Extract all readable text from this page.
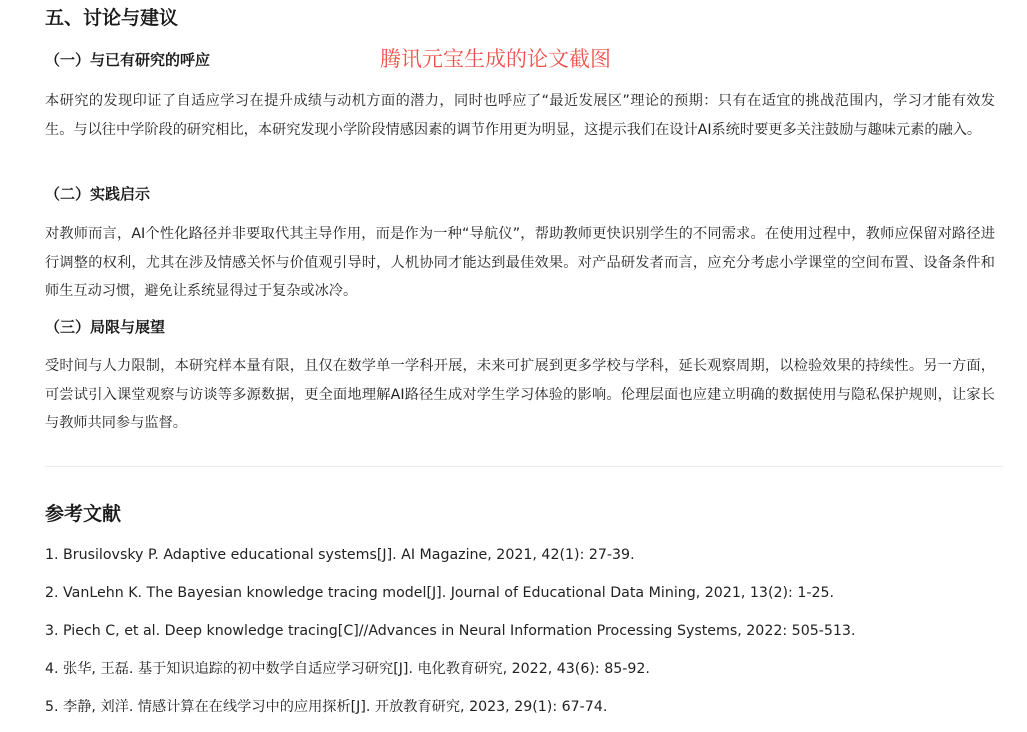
五、讨论与建议
（一）与已有研究的呼应	腾讯元宝生成的论文截图

本研究的发现印证了自适应学习在提升成绩与动机方面的潜力，同时也呼应了“最近发展区”理论的预期：只有在适宜的挑战范围内，学习才能有效发生。与以往中学阶段的研究相比，本研究发现小学阶段情感因素的调节作用更为明显，这提示我们在设计AI系统时要更多关注鼓励与趣味元素的融入。

（二）实践启示

对教师而言，AI个性化路径并非要取代其主导作用，而是作为一种“导航仪”，帮助教师更快识别学生的不同需求。在使用过程中，教师应保留对路径进行调整的权利，尤其在涉及情感关怀与价值观引导时，人机协同才能达到最佳效果。对产品研发者而言，应充分考虑小学课堂的空间布置、设备条件和师生互动习惯，避免让系统显得过于复杂或冰冷。

（三）局限与展望

受时间与人力限制，本研究样本量有限，且仅在数学单一学科开展，未来可扩展到更多学校与学科，延长观察周期，以检验效果的持续性。另一方面，可尝试引入课堂观察与访谈等多源数据，更全面地理解AI路径生成对学生学习体验的影响。伦理层面也应建立明确的数据使用与隐私保护规则，让家长与教师共同参与监督。

参考文献

1. Brusilovsky P. Adaptive educational systems[J]. AI Magazine, 2021, 42(1): 27-39.

2. VanLehn K. The Bayesian knowledge tracing model[J]. Journal of Educational Data Mining, 2021, 13(2): 1-25.

3. Piech C, et al. Deep knowledge tracing[C]//Advances in Neural Information Processing Systems, 2022: 505-513.

4. 张华, 王磊. 基于知识追踪的初中数学自适应学习研究[J]. 电化教育研究, 2022, 43(6): 85-92.

5. 李静, 刘洋. 情感计算在在线学习中的应用探析[J]. 开放教育研究, 2023, 29(1): 67-74.
